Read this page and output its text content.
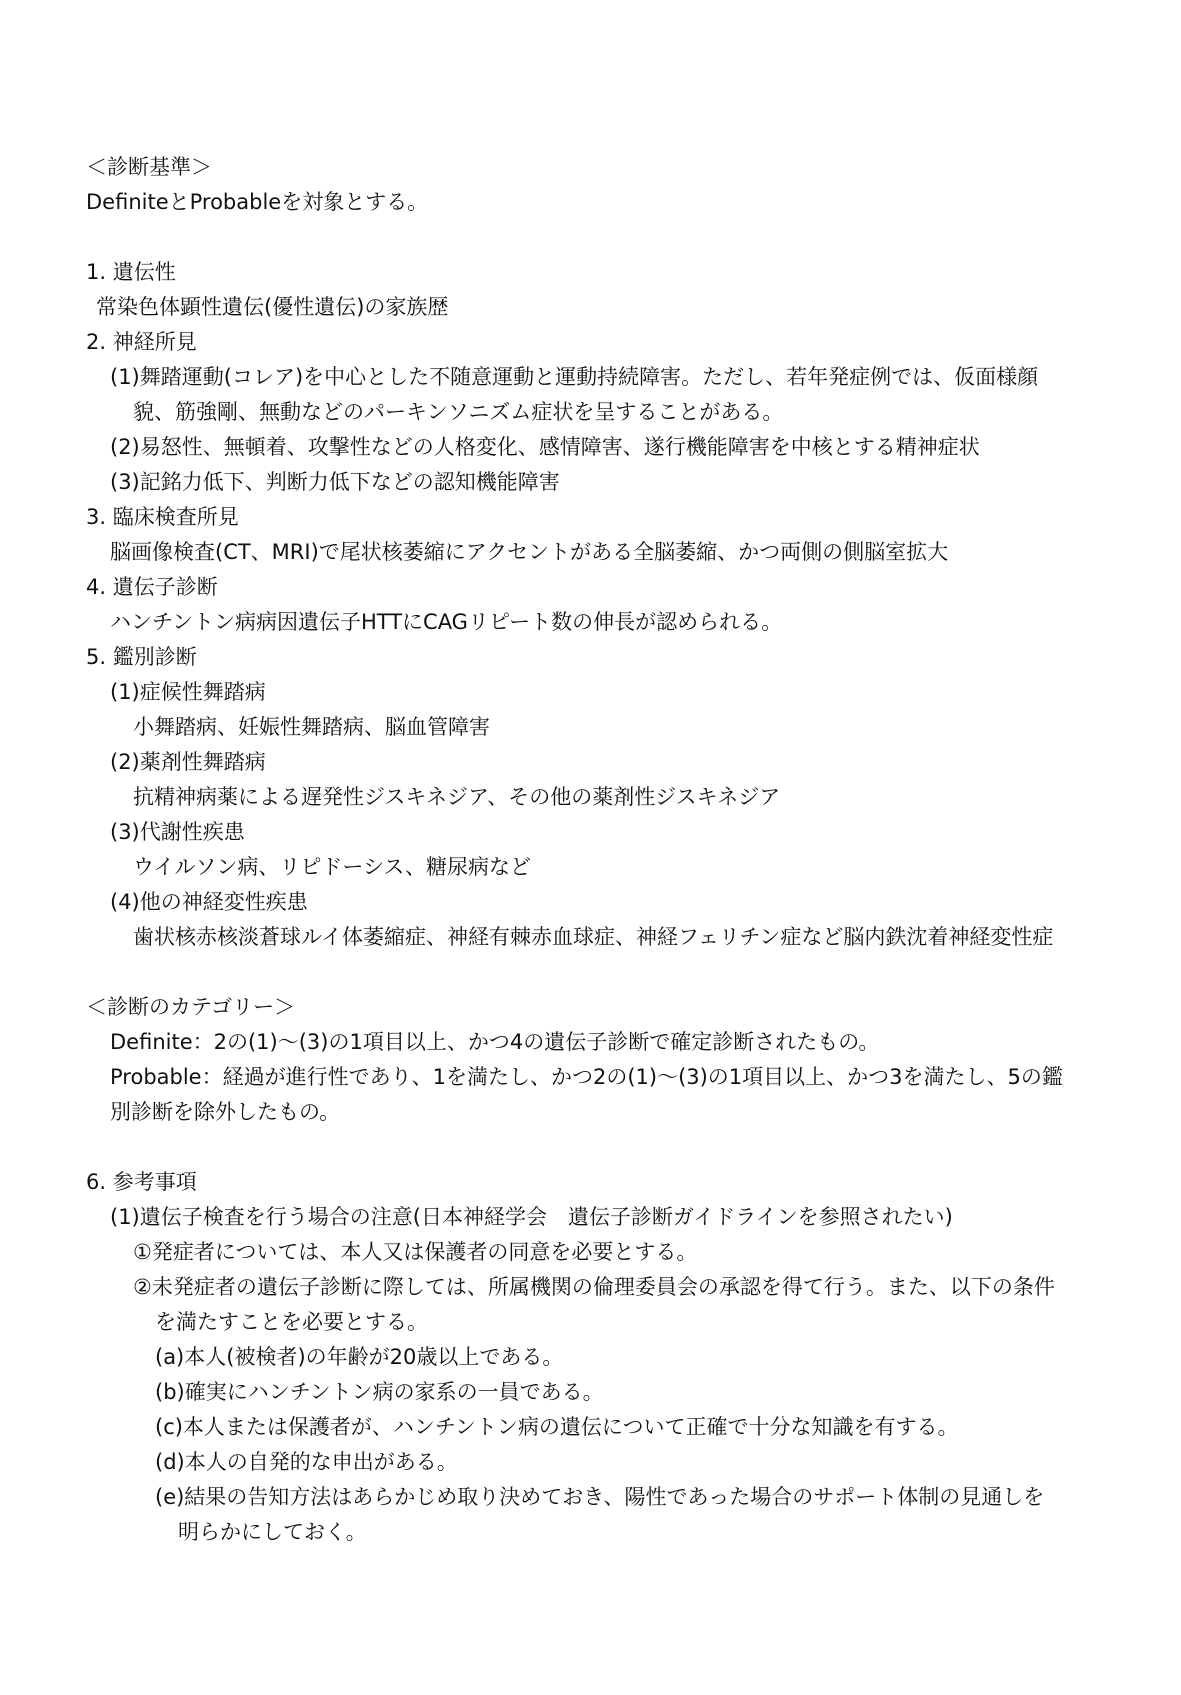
＜診断基準＞
DefiniteとProbableを対象とする。
1. 遺伝性
常染色体顕性遺伝(優性遺伝)の家族歴
2. 神経所見
(1)舞踏運動(コレア)を中心とした不随意運動と運動持続障害。ただし、若年発症例では、仮面様顔
貌、筋強剛、無動などのパーキンソニズム症状を呈することがある。
(2)易怒性、無頓着、攻撃性などの人格変化、感情障害、遂行機能障害を中核とする精神症状
(3)記銘力低下、判断力低下などの認知機能障害
3. 臨床検査所見
脳画像検査(CT、MRI)で尾状核萎縮にアクセントがある全脳萎縮、かつ両側の側脳室拡大
4. 遺伝子診断
ハンチントン病病因遺伝子HTTにCAGリピート数の伸長が認められる。
5. 鑑別診断
(1)症候性舞踏病
小舞踏病、妊娠性舞踏病、脳血管障害
(2)薬剤性舞踏病
抗精神病薬による遅発性ジスキネジア、その他の薬剤性ジスキネジア
(3)代謝性疾患
ウイルソン病、リピドーシス、糖尿病など
(4)他の神経変性疾患
歯状核赤核淡蒼球ルイ体萎縮症、神経有棘赤血球症、神経フェリチン症など脳内鉄沈着神経変性症
＜診断のカテゴリー＞
Definite：2の(1)～(3)の1項目以上、かつ4の遺伝子診断で確定診断されたもの。
Probable：経過が進行性であり、1を満たし、かつ2の(1)～(3)の1項目以上、かつ3を満たし、5の鑑
別診断を除外したもの。
6. 参考事項
(1)遺伝子検査を行う場合の注意(日本神経学会　遺伝子診断ガイドラインを参照されたい)
①発症者については、本人又は保護者の同意を必要とする。
②未発症者の遺伝子診断に際しては、所属機関の倫理委員会の承認を得て行う。また、以下の条件
を満たすことを必要とする。
(a)本人(被検者)の年齢が20歳以上である。
(b)確実にハンチントン病の家系の一員である。
(c)本人または保護者が、ハンチントン病の遺伝について正確で十分な知識を有する。
(d)本人の自発的な申出がある。
(e)結果の告知方法はあらかじめ取り決めておき、陽性であった場合のサポート体制の見通しを
明らかにしておく。
